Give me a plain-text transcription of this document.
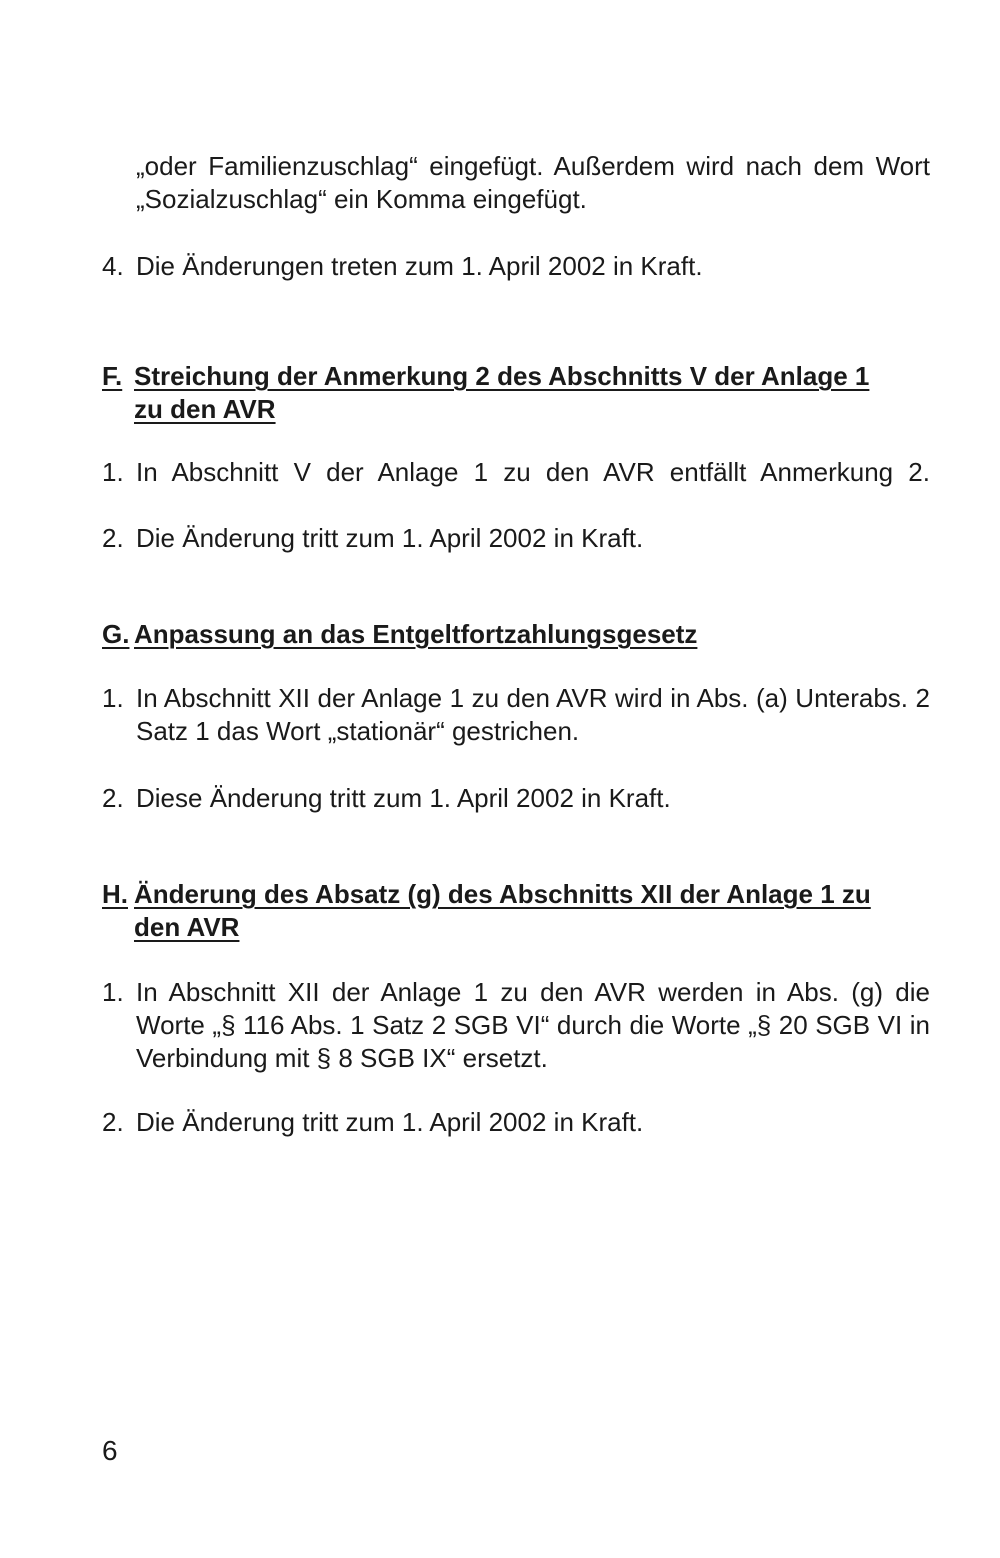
„oder Familienzuschlag“ eingefügt. Außerdem wird nach dem Wort
„Sozialzuschlag“ ein Komma eingefügt.
4. Die Änderungen treten zum 1. April 2002 in Kraft.
F. Streichung der Anmerkung 2 des Abschnitts V der Anlage 1 zu den AVR
1. In Abschnitt V der Anlage 1 zu den AVR entfällt Anmerkung 2.
2. Die Änderung tritt zum 1. April 2002 in Kraft.
G. Anpassung an das Entgeltfortzahlungsgesetz
1. In Abschnitt XII der Anlage 1 zu den AVR wird in Abs. (a) Unterabs. 2 Satz 1 das Wort „stationär“ gestrichen.
2. Diese Änderung tritt zum 1. April 2002 in Kraft.
H. Änderung des Absatz (g) des Abschnitts XII der Anlage 1 zu den AVR
1. In Abschnitt XII der Anlage 1 zu den AVR werden in Abs. (g) die Worte „§ 116 Abs. 1 Satz 2 SGB VI“ durch die Worte „§ 20 SGB VI in Verbindung mit § 8 SGB IX“ ersetzt.
2. Die Änderung tritt zum 1. April 2002 in Kraft.
6
